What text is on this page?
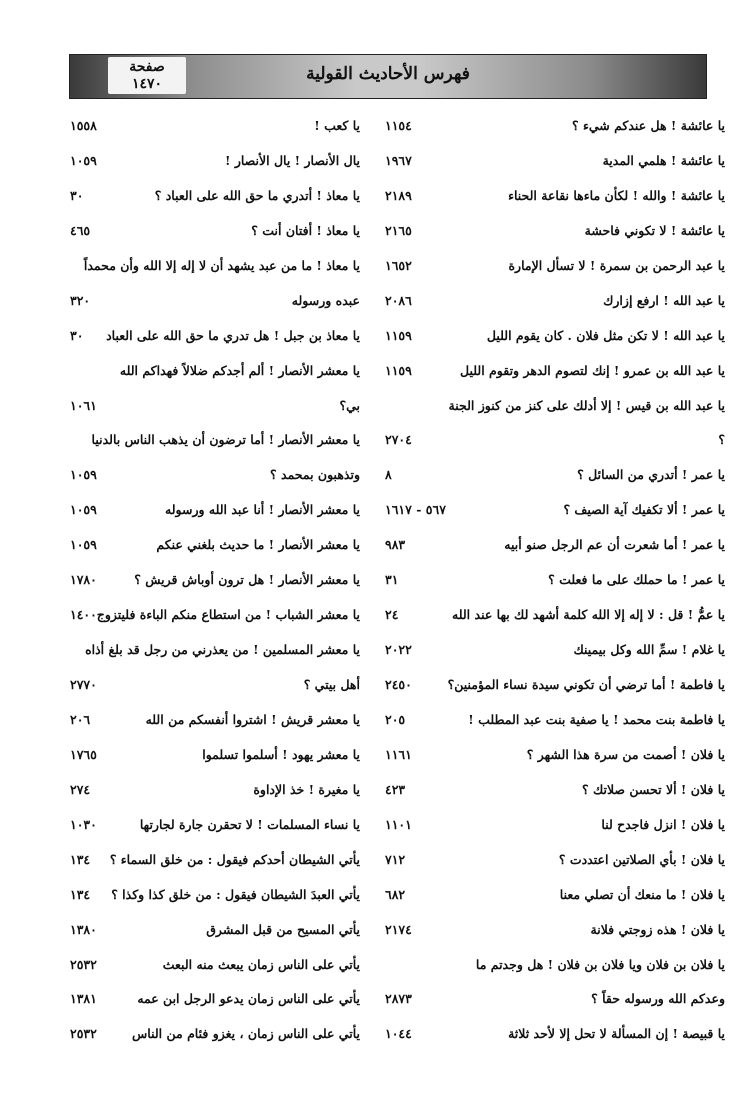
فهرس الأحاديث القولية
صفحة
١٤٧٠
يا عائشة ! هل عندكم شيء ؟
١١٥٤
يا عائشة ! هلمي المدية
١٩٦٧
يا عائشة ! والله ! لكأن ماءها نقاعة الحناء
٢١٨٩
يا عائشة ! لا تكوني فاحشة
٢١٦٥
يا عبد الرحمن بن سمرة ! لا تسأل الإمارة
١٦٥٢
يا عبد الله ! ارفع إزارك
٢٠٨٦
يا عبد الله ! لا تكن مثل فلان . كان يقوم الليل
١١٥٩
يا عبد الله بن عمرو ! إنك لتصوم الدهر وتقوم الليل
١١٥٩
يا عبد الله بن قيس ! إلا أدلك على كنز من كنوز الجنة
؟
٢٧٠٤
يا عمر ! أتدري من السائل ؟
٨
يا عمر ! ألا تكفيك آية الصيف ؟
٥٦٧ - ١٦١٧
يا عمر ! أما شعرت أن عم الرجل صنو أبيه
٩٨٣
يا عمر ! ما حملك على ما فعلت ؟
٣١
يا عمُّ ! قل : لا إله إلا الله كلمة أشهد لك بها عند الله
٢٤
يا غلام ! سمِّ الله وكل بيمينك
٢٠٢٢
يا فاطمة ! أما ترضي أن تكوني سيدة نساء المؤمنين؟
٢٤٥٠
يا فاطمة بنت محمد ! يا صفية بنت عبد المطلب !
٢٠٥
يا فلان ! أصمت من سرة هذا الشهر ؟
١١٦١
يا فلان ! ألا تحسن صلاتك ؟
٤٢٣
يا فلان ! انزل فاجدح لنا
١١٠١
يا فلان ! بأي الصلاتين اعتددت ؟
٧١٢
يا فلان ! ما منعك أن تصلي معنا
٦٨٢
يا فلان ! هذه زوجتي فلانة
٢١٧٤
يا فلان بن فلان ويا فلان بن فلان ! هل وجدتم ما
وعدكم الله ورسوله حقاً ؟
٢٨٧٣
يا قبيصة ! إن المسألة لا تحل إلا لأحد ثلاثة
١٠٤٤
يا كعب !
١٥٥٨
يال الأنصار ! يال الأنصار !
١٠٥٩
يا معاذ ! أتدري ما حق الله على العباد ؟
٣٠
يا معاذ ! أفتان أنت ؟
٤٦٥
يا معاذ ! ما من عبد يشهد أن لا إله إلا الله وأن محمداً
عبده ورسوله
٣٢٠
يا معاذ بن جبل ! هل تدري ما حق الله على العباد
٣٠
يا معشر الأنصار ! ألم أجدكم ضلالاً فهداكم الله
بي؟
١٠٦١
يا معشر الأنصار ! أما ترضون أن يذهب الناس بالدنيا
وتذهبون بمحمد ؟
١٠٥٩
يا معشر الأنصار ! أنا عبد الله ورسوله
١٠٥٩
يا معشر الأنصار ! ما حديث بلغني عنكم
١٠٥٩
يا معشر الأنصار ! هل ترون أوباش قريش ؟
١٧٨٠
يا معشر الشباب ! من استطاع منكم الباءة فليتزوج
١٤٠٠
يا معشر المسلمين ! من يعذرني من رجل قد بلغ أذاه
أهل بيتي ؟
٢٧٧٠
يا معشر قريش ! اشتروا أنفسكم من الله
٢٠٦
يا معشر يهود ! أسلموا تسلموا
١٧٦٥
يا مغيرة ! خذ الإداوة
٢٧٤
يا نساء المسلمات ! لا تحقرن جارة لجارتها
١٠٣٠
يأتي الشيطان أحدكم فيقول : من خلق السماء ؟
١٣٤
يأتي العبدَ الشيطان فيقول : من خلق كذا وكذا ؟
١٣٤
يأتي المسيح من قبل المشرق
١٣٨٠
يأتي على الناس زمان يبعث منه البعث
٢٥٣٢
يأتي على الناس زمان يدعو الرجل ابن عمه
١٣٨١
يأتي على الناس زمان ، يغزو فئام من الناس
٢٥٣٢
